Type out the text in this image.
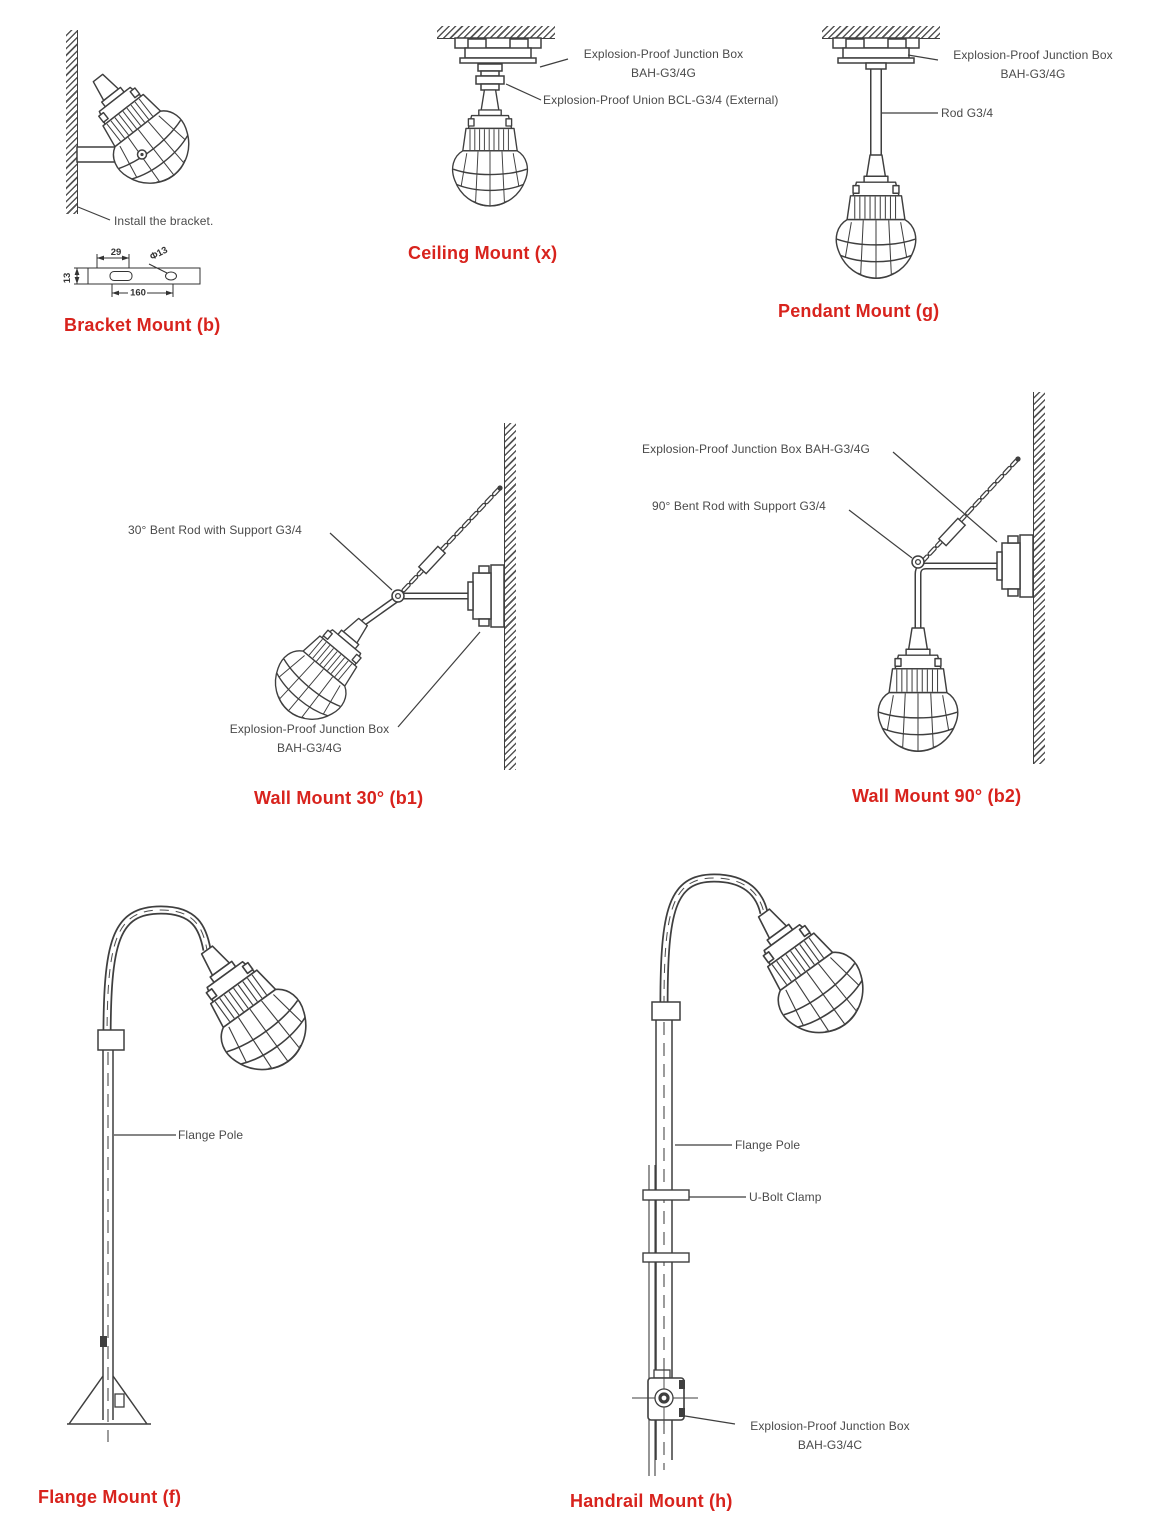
29	Φ13
160
13
Install the bracket.
Bracket Mount (b)
Explosion-Proof Junction Box
BAH-G3/4G
Explosion-Proof Union BCL-G3/4 (External)
Ceiling Mount (x)
Explosion-Proof Junction Box
BAH-G3/4G
Rod G3/4
Pendant Mount (g)
30° Bent Rod with Support G3/4
Explosion-Proof Junction Box
BAH-G3/4G
Wall Mount 30° (b1)
Explosion-Proof Junction Box BAH-G3/4G
90° Bent Rod with Support G3/4
Wall Mount 90° (b2)
Flange Pole
Flange Mount (f)
Flange Pole
U-Bolt Clamp
Explosion-Proof Junction Box
BAH-G3/4C
Handrail Mount (h)
